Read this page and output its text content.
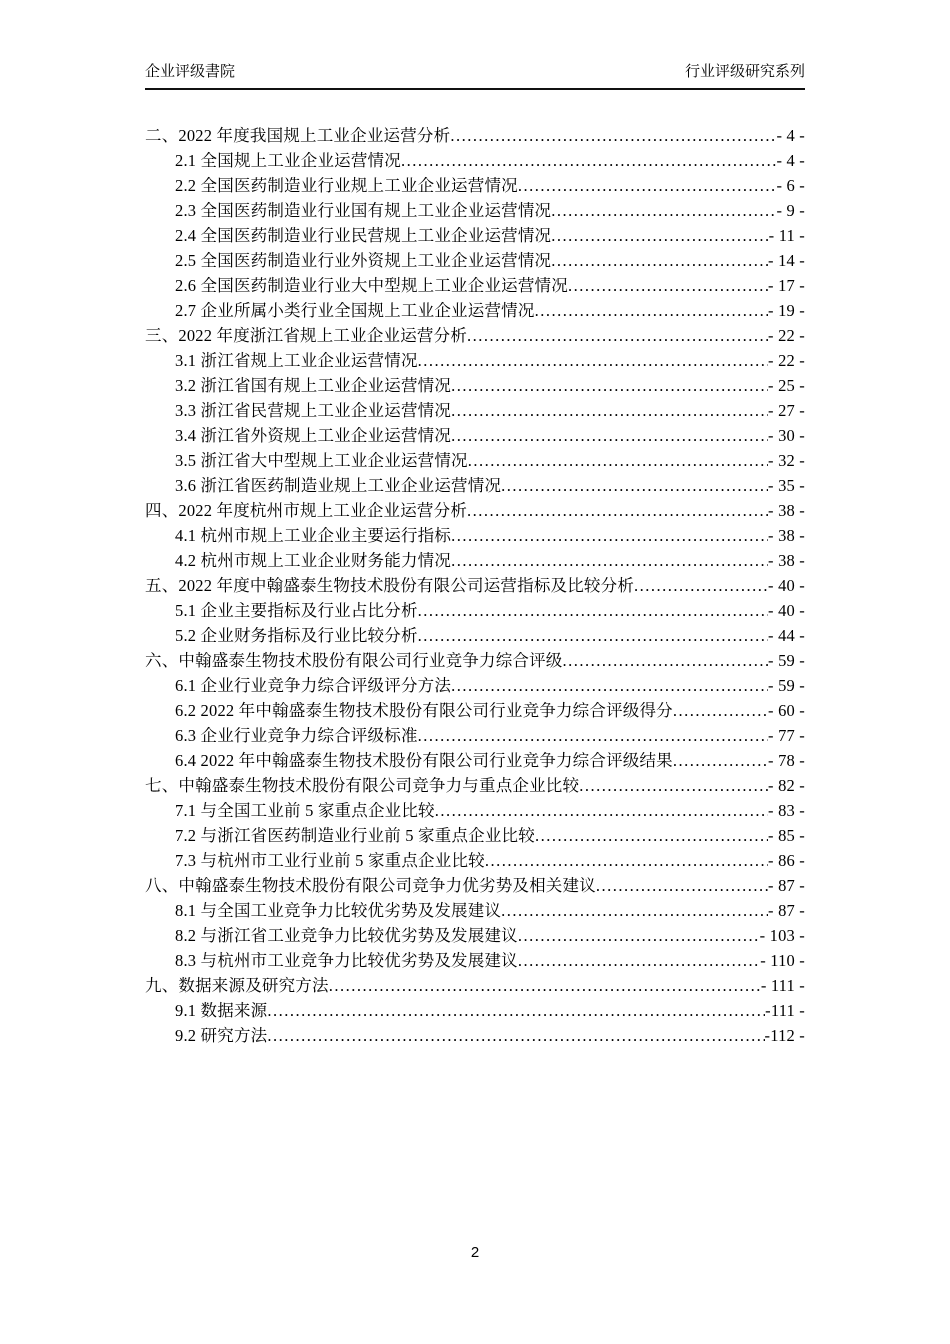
企业评级書院	行业评级研究系列
二、2022 年度我国规上工业企业运营分析 .....	- 4 -
2.1 全国规上工业企业运营情况 .....	- 4 -
2.2 全国医药制造业行业规上工业企业运营情况 .....	- 6 -
2.3 全国医药制造业行业国有规上工业企业运营情况 .....	- 9 -
2.4 全国医药制造业行业民营规上工业企业运营情况 .....	- 11 -
2.5 全国医药制造业行业外资规上工业企业运营情况 .....	- 14 -
2.6 全国医药制造业行业大中型规上工业企业运营情况 .....	- 17 -
2.7 企业所属小类行业全国规上工业企业运营情况 .....	- 19 -
三、2022 年度浙江省规上工业企业运营分析 .....	- 22 -
3.1 浙江省规上工业企业运营情况 .....	- 22 -
3.2 浙江省国有规上工业企业运营情况 .....	- 25 -
3.3 浙江省民营规上工业企业运营情况 .....	- 27 -
3.4 浙江省外资规上工业企业运营情况 .....	- 30 -
3.5 浙江省大中型规上工业企业运营情况 .....	- 32 -
3.6 浙江省医药制造业规上工业企业运营情况 .....	- 35 -
四、2022 年度杭州市规上工业企业运营分析 .....	- 38 -
4.1 杭州市规上工业企业主要运行指标 .....	- 38 -
4.2 杭州市规上工业企业财务能力情况 .....	- 38 -
五、2022 年度中翰盛泰生物技术股份有限公司运营指标及比较分析 .....	- 40 -
5.1 企业主要指标及行业占比分析 .....	- 40 -
5.2 企业财务指标及行业比较分析 .....	- 44 -
六、中翰盛泰生物技术股份有限公司行业竞争力综合评级 .....	- 59 -
6.1 企业行业竞争力综合评级评分方法 .....	- 59 -
6.2 2022 年中翰盛泰生物技术股份有限公司行业竞争力综合评级得分 .....	- 60 -
6.3 企业行业竞争力综合评级标准 .....	- 77 -
6.4 2022 年中翰盛泰生物技术股份有限公司行业竞争力综合评级结果 .....	- 78 -
七、中翰盛泰生物技术股份有限公司竞争力与重点企业比较 .....	- 82 -
7.1 与全国工业前 5 家重点企业比较 .....	- 83 -
7.2 与浙江省医药制造业行业前 5 家重点企业比较 .....	- 85 -
7.3 与杭州市工业行业前 5 家重点企业比较 .....	- 86 -
八、中翰盛泰生物技术股份有限公司竞争力优劣势及相关建议 .....	- 87 -
8.1 与全国工业竞争力比较优劣势及发展建议 .....	- 87 -
8.2 与浙江省工业竞争力比较优劣势及发展建议 .....	- 103 -
8.3 与杭州市工业竞争力比较优劣势及发展建议 .....	- 110 -
九、数据来源及研究方法 .....	- 111 -
9.1 数据来源 .....	-111 -
9.2 研究方法 .....	-112 -
2
